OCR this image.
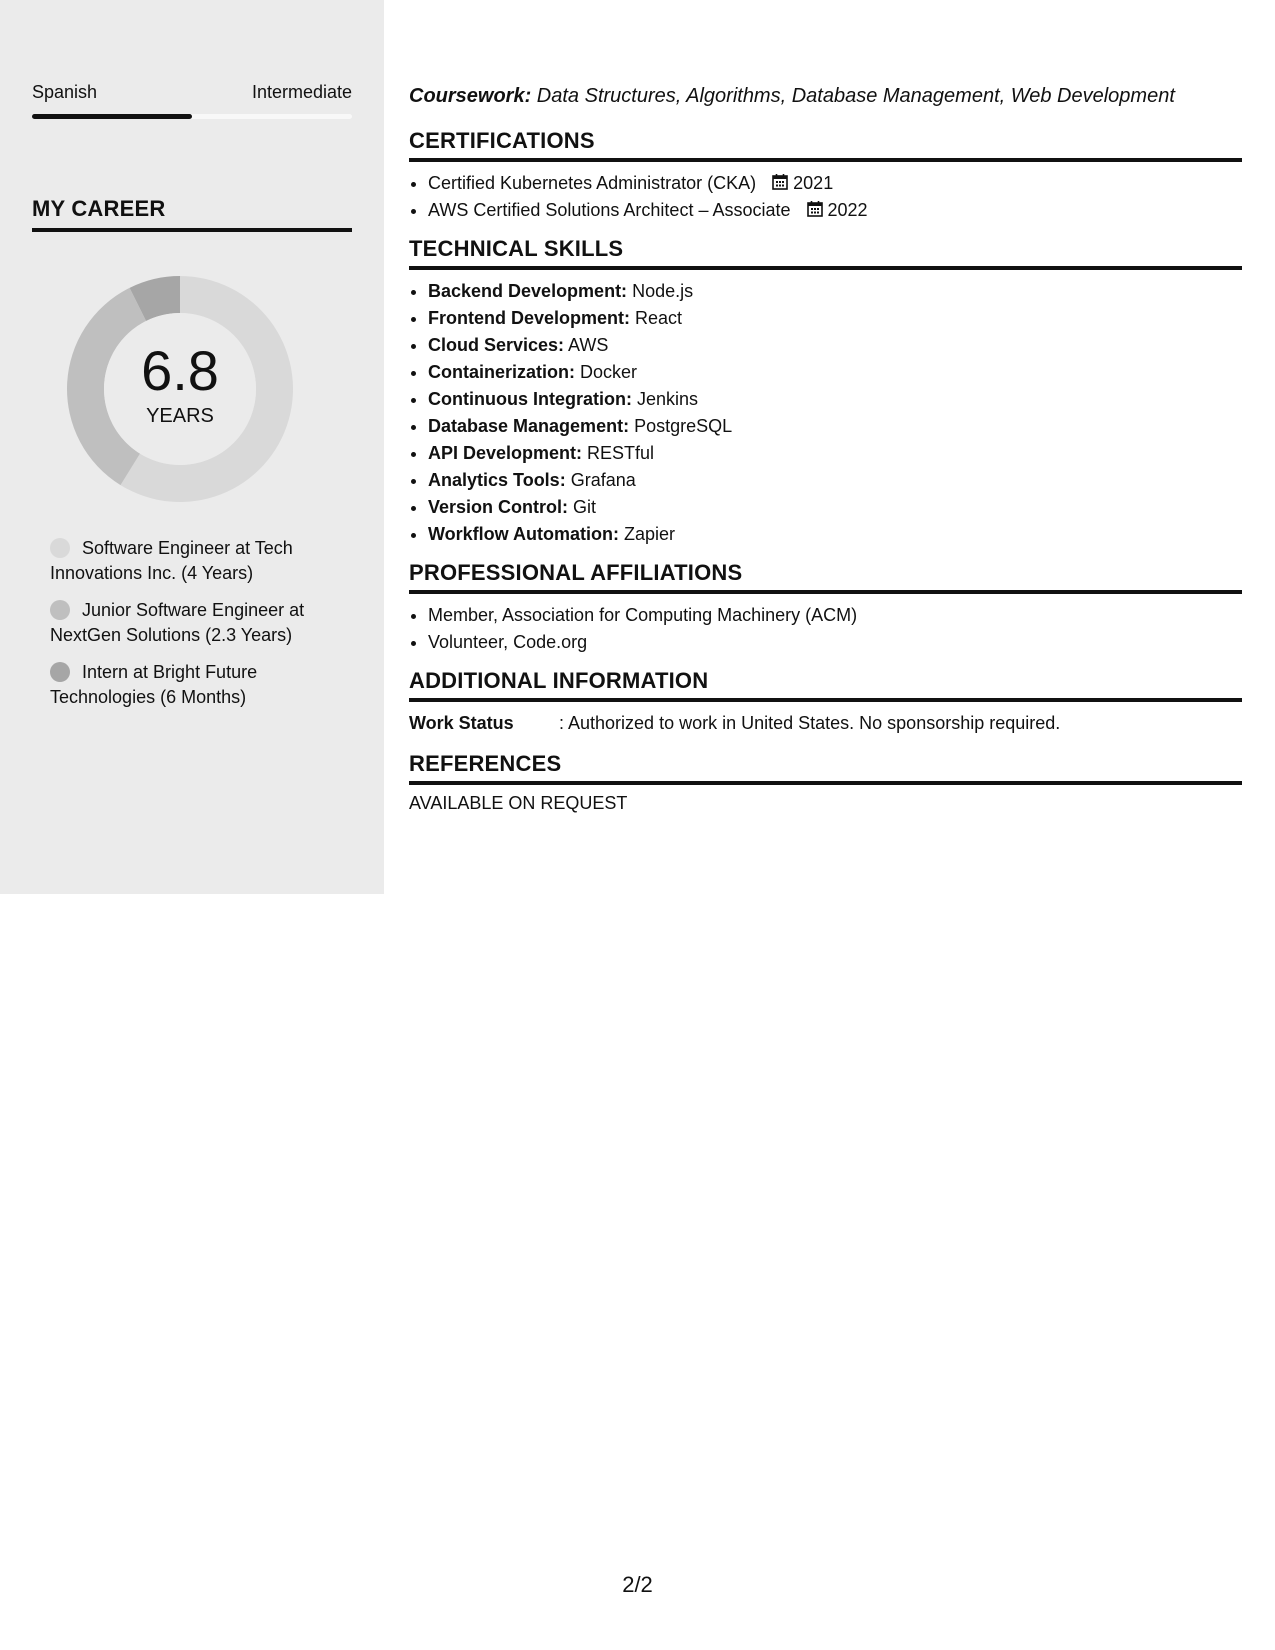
Spanish	Intermediate
MY CAREER
6.8
YEARS
Software Engineer at Tech Innovations Inc. (4 Years)
Junior Software Engineer at NextGen Solutions (2.3 Years)
Intern at Bright Future Technologies (6 Months)
Coursework: Data Structures, Algorithms, Database Management, Web Development
CERTIFICATIONS
• Certified Kubernetes Administrator (CKA) 2021
• AWS Certified Solutions Architect – Associate 2022
TECHNICAL SKILLS
• Backend Development: Node.js
• Frontend Development: React
• Cloud Services: AWS
• Containerization: Docker
• Continuous Integration: Jenkins
• Database Management: PostgreSQL
• API Development: RESTful
• Analytics Tools: Grafana
• Version Control: Git
• Workflow Automation: Zapier
PROFESSIONAL AFFILIATIONS
• Member, Association for Computing Machinery (ACM)
• Volunteer, Code.org
ADDITIONAL INFORMATION
Work Status	: Authorized to work in United States. No sponsorship required.
REFERENCES
AVAILABLE ON REQUEST
2/2
